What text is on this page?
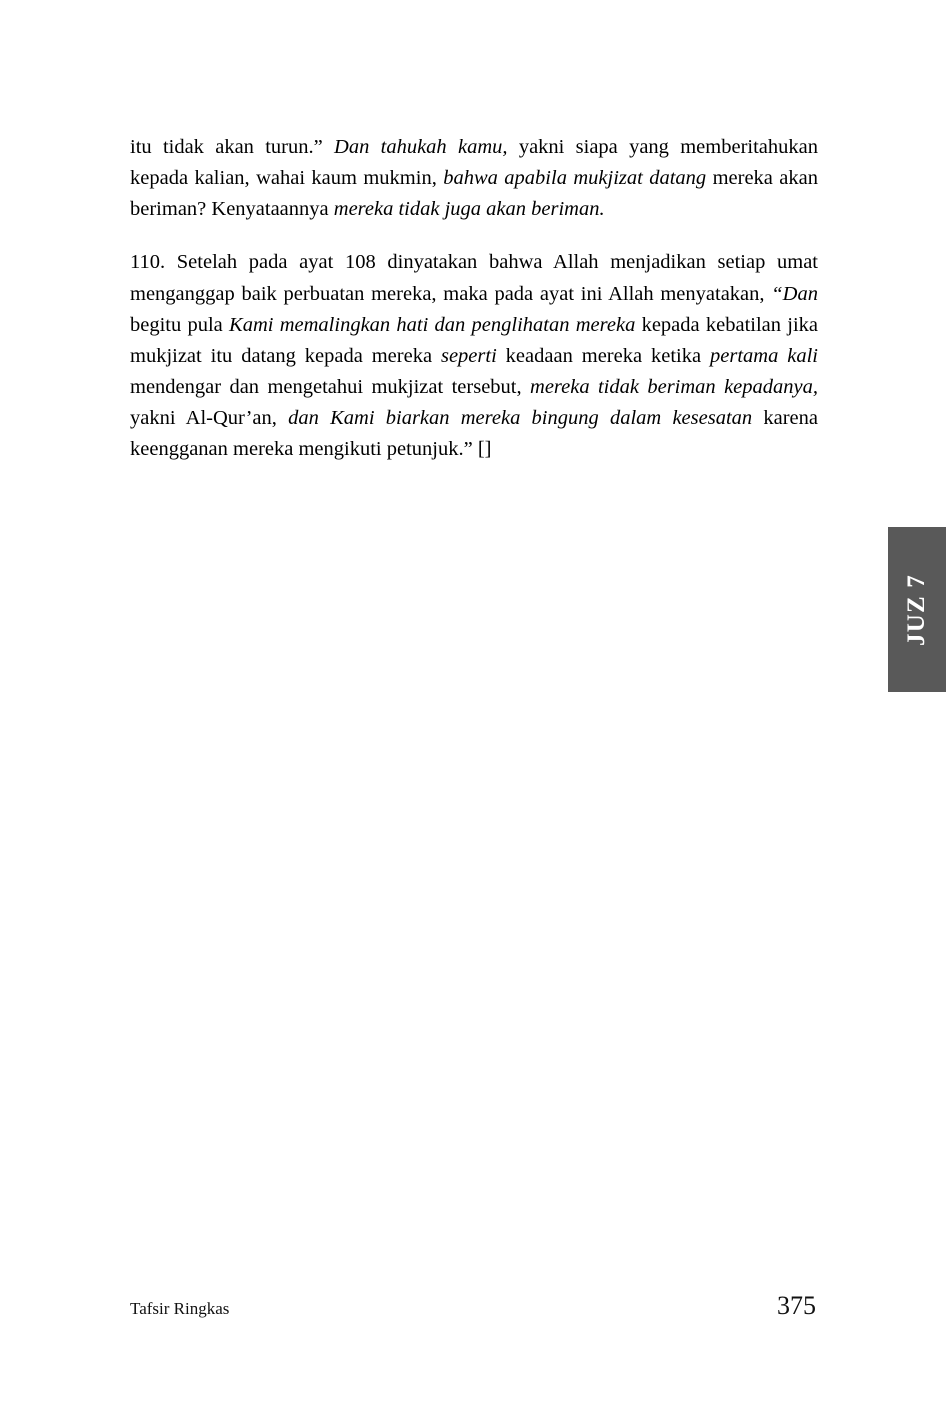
itu tidak akan turun.” Dan tahukah kamu, yakni siapa yang memberitahukan kepada kalian, wahai kaum mukmin, bahwa apabila mukjizat datang mereka akan beriman? Kenyataannya mereka tidak juga akan beriman.

110. Setelah pada ayat 108 dinyatakan bahwa Allah menjadikan setiap umat menganggap baik perbuatan mereka, maka pada ayat ini Allah menyatakan, “Dan begitu pula Kami memalingkan hati dan penglihatan mereka kepada kebatilan jika mukjizat itu datang kepada mereka seperti keadaan mereka ketika pertama kali mendengar dan mengetahui mukjizat tersebut, mereka tidak beriman kepadanya, yakni Al-Qur’an, dan Kami biarkan mereka bingung dalam kesesatan karena keengganan mereka mengikuti petunjuk.” []

JUZ 7
Tafsir Ringkas	375
